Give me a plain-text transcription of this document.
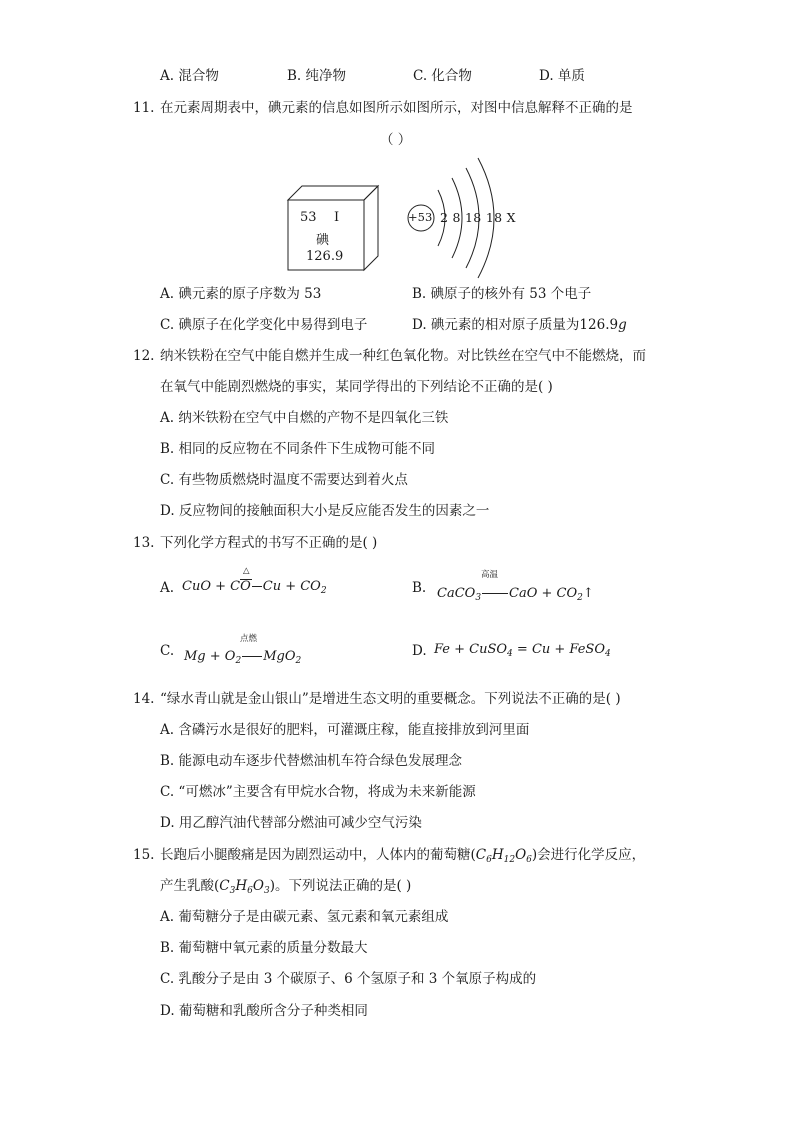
A. 混合物	B. 纯净物	C. 化合物	D. 单质
11. 在元素周期表中，碘元素的信息如图所示如图所示，对图中信息解释不正确的是
（ ）
53 I
碘
126.9
+53 2 8 18 18 X
A. 碘元素的原子序数为 53	B. 碘原子的核外有 53 个电子
C. 碘原子在化学变化中易得到电子	D. 碘元素的相对原子质量为126.9g
12. 纳米铁粉在空气中能自燃并生成一种红色氧化物。对比铁丝在空气中不能燃烧，而
在氧气中能剧烈燃烧的事实，某同学得出的下列结论不正确的是( )
A. 纳米铁粉在空气中自燃的产物不是四氧化三铁
B. 相同的反应物在不同条件下生成物可能不同
C. 有些物质燃烧时温度不需要达到着火点
D. 反应物间的接触面积大小是反应能否发生的因素之一
13. 下列化学方程式的书写不正确的是( )
A.
△
CuO + CO $Cu + CO_2$	B.
高温
CaCO$_3$ CaO + $CO_2↑$
C.
点燃
$Mg + O_2$ MgO$_2$
D. Fe + CuSO$_4$ = Cu + FeSO$_4$
14. “绿水青山就是金山银山”是增进生态文明的重要概念。下列说法不正确的是( )
A. 含磷污水是很好的肥料，可灌溉庄稼，能直接排放到河里面
B. 能源电动车逐步代替燃油机车符合绿色发展理念
C. “可燃冰”主要含有甲烷水合物，将成为未来新能源
D. 用乙醇汽油代替部分燃油可减少空气污染
15. 长跑后小腿酸痛是因为剧烈运动中，人体内的葡萄糖$(C_6H_{12}O_6)$会进行化学反应，
产生乳酸$(C_3H_6O_3)$。下列说法正确的是( )
A. 葡萄糖分子是由碳元素、氢元素和氧元素组成
B. 葡萄糖中氧元素的质量分数最大
C. 乳酸分子是由 3 个碳原子、6 个氢原子和 3 个氧原子构成的
D. 葡萄糖和乳酸所含分子种类相同
